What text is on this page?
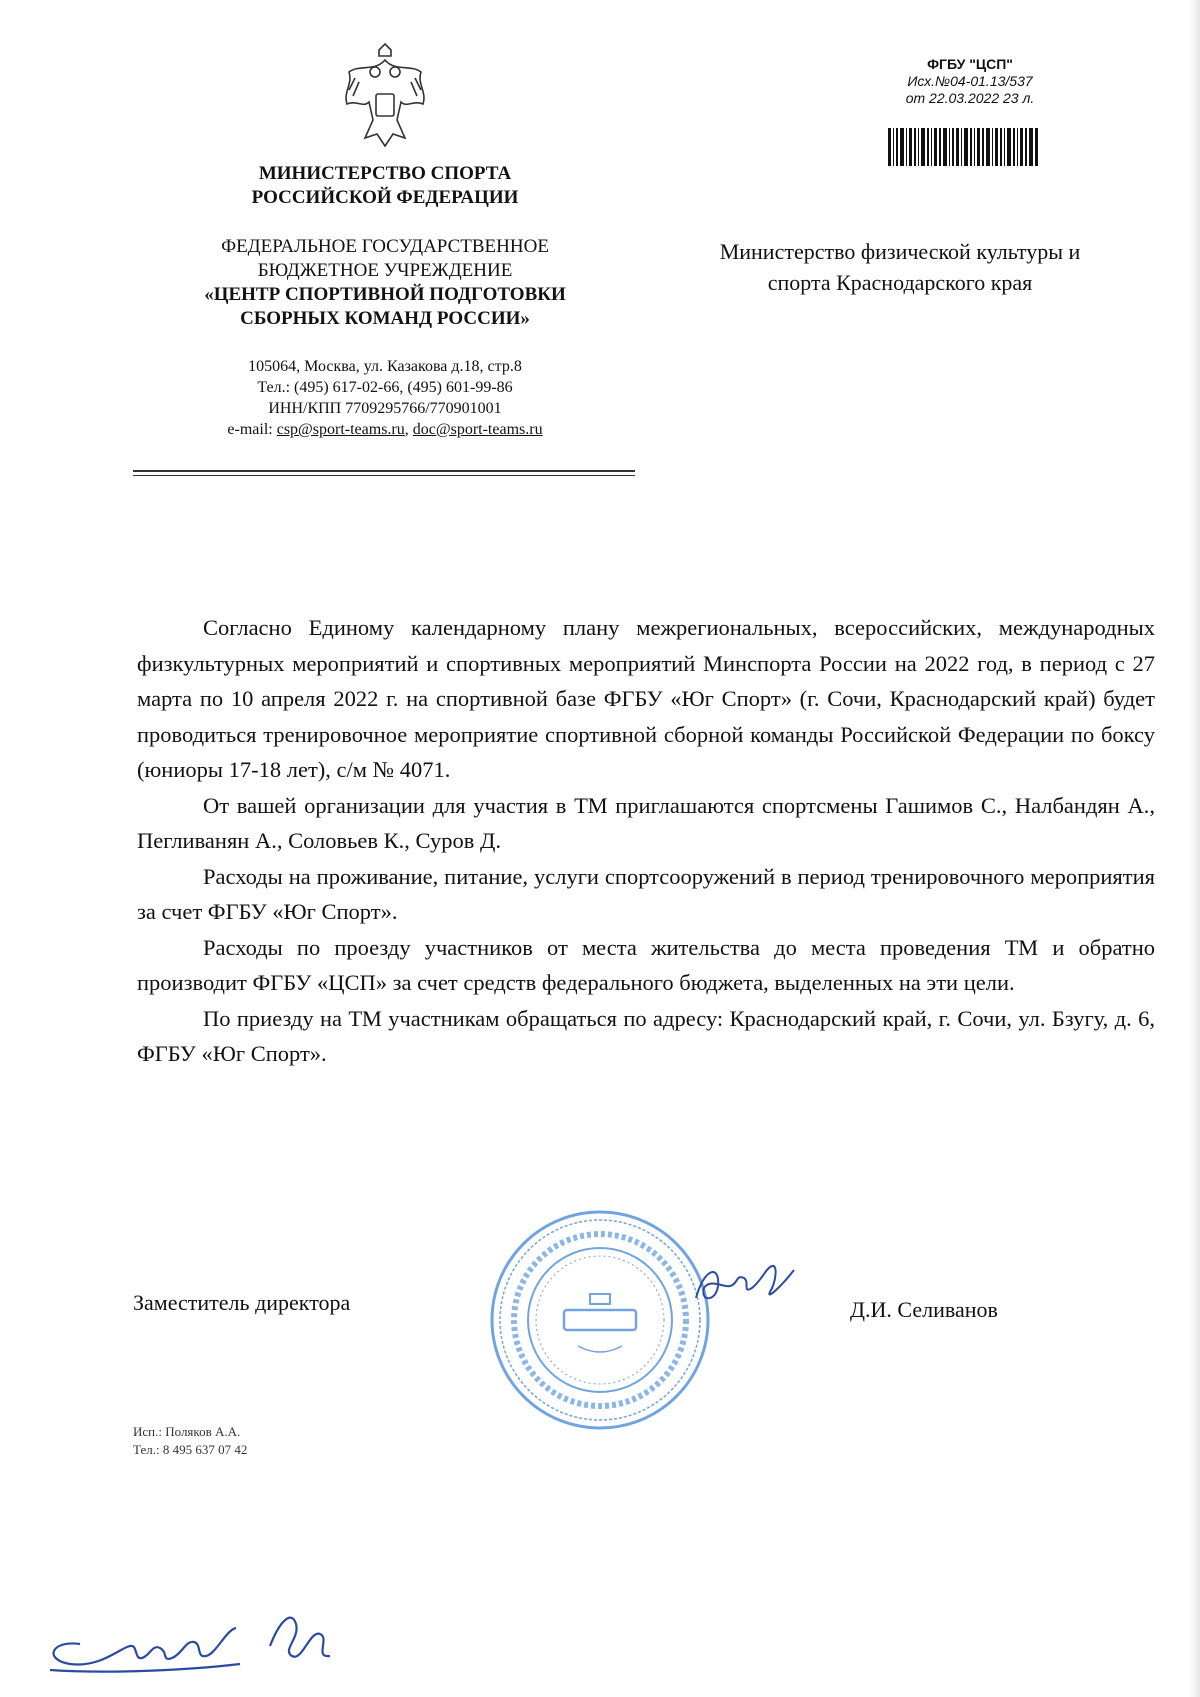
МИНИСТЕРСТВО СПОРТА
РОССИЙСКОЙ ФЕДЕРАЦИИ
ФЕДЕРАЛЬНОЕ ГОСУДАРСТВЕННОЕ
БЮДЖЕТНОЕ УЧРЕЖДЕНИЕ
«ЦЕНТР СПОРТИВНОЙ ПОДГОТОВКИ
СБОРНЫХ КОМАНД РОССИИ»
105064, Москва, ул. Казакова д.18, стр.8
Тел.: (495) 617-02-66, (495) 601-99-86
ИНН/КПП 7709295766/770901001
e-mail: csp@sport-teams.ru, doc@sport-teams.ru
ФГБУ "ЦСП"
Исх.№04-01.13/537
от 22.03.2022 23 л.
Министерство физической культуры и
спорта Краснодарского края

Согласно Единому календарному плану межрегиональных, всероссийских, международных физкультурных мероприятий и спортивных мероприятий Минспорта России на 2022 год, в период с 27 марта по 10 апреля 2022 г. на спортивной базе ФГБУ «Юг Спорт» (г. Сочи, Краснодарский край) будет проводиться тренировочное мероприятие спортивной сборной команды Российской Федерации по боксу (юниоры 17-18 лет), с/м № 4071.

От вашей организации для участия в ТМ приглашаются спортсмены Гашимов С., Налбандян А., Пегливанян А., Соловьев К., Суров Д.

Расходы на проживание, питание, услуги спортсооружений в период тренировочного мероприятия за счет ФГБУ «Юг Спорт».

Расходы по проезду участников от места жительства до места проведения ТМ и обратно производит ФГБУ «ЦСП» за счет средств федерального бюджета, выделенных на эти цели.

По приезду на ТМ участникам обращаться по адресу: Краснодарский край, г. Сочи, ул. Бзугу, д. 6, ФГБУ «Юг Спорт».

Заместитель директора	Д.И. Селиванов
Исп.: Поляков А.А.
Тел.: 8 495 637 07 42
